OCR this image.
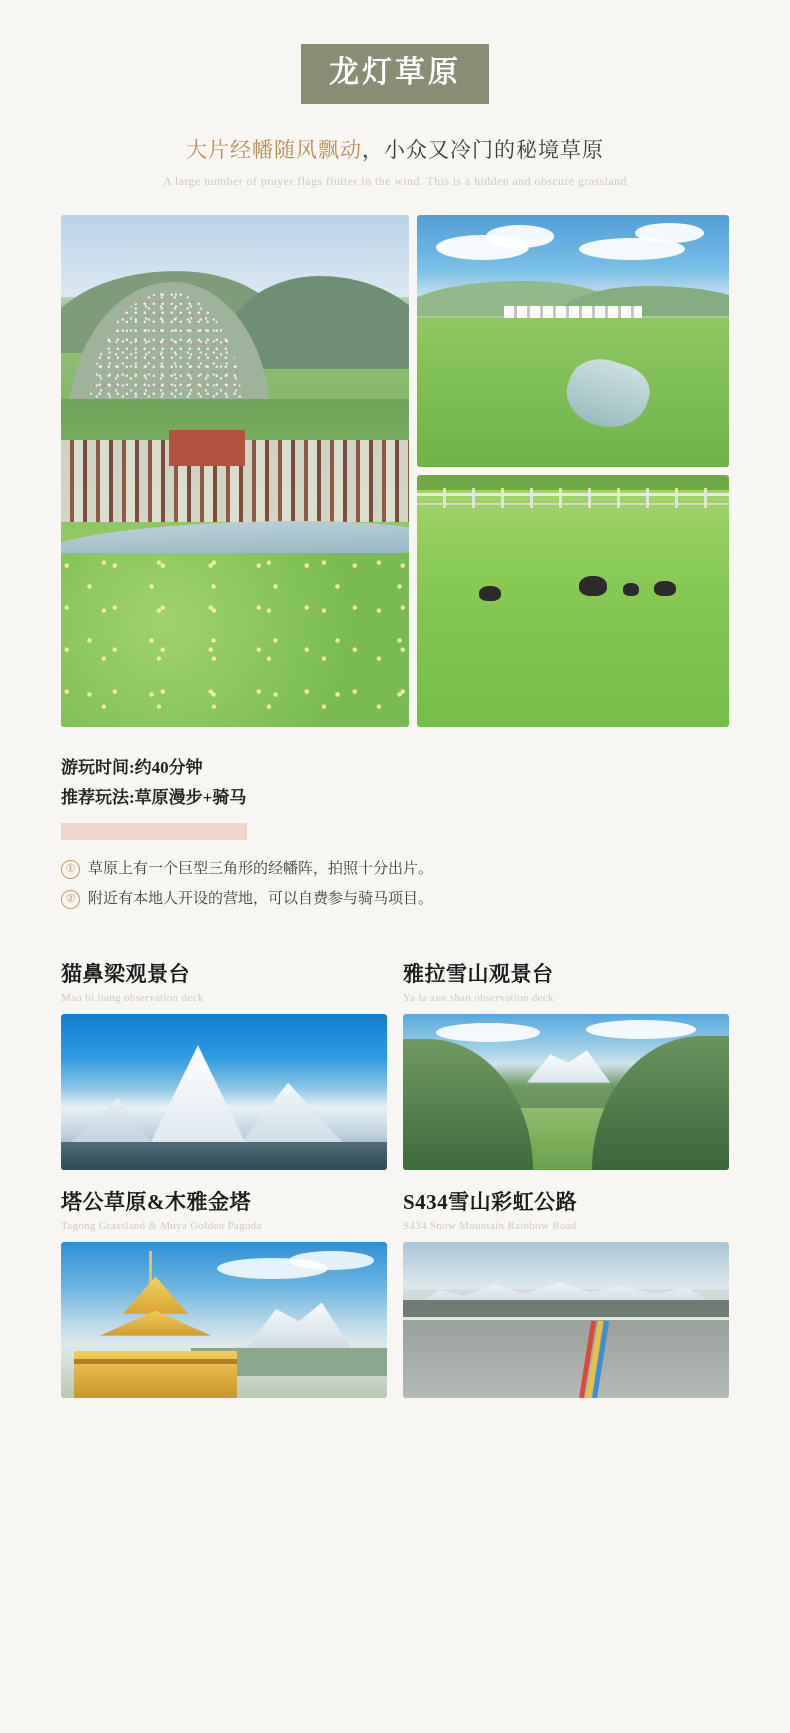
龙灯草原
大片经幡随风飘动，小众又冷门的秘境草原
A large number of prayer flags flutter in the wind. This is a hidden and obscure grassland
游玩时间:约40分钟
推荐玩法:草原漫步+骑马
① 草原上有一个巨型三角形的经幡阵，拍照十分出片。
② 附近有本地人开设的营地，可以自费参与骑马项目。
猫鼻梁观景台
Mao bi liang observation deck
雅拉雪山观景台
Ya la xue shan observation deck
塔公草原&木雅金塔
Tagong Grassland & Muya Golden Pagoda
S434雪山彩虹公路
S434 Snow Mountain Rainbow Road
